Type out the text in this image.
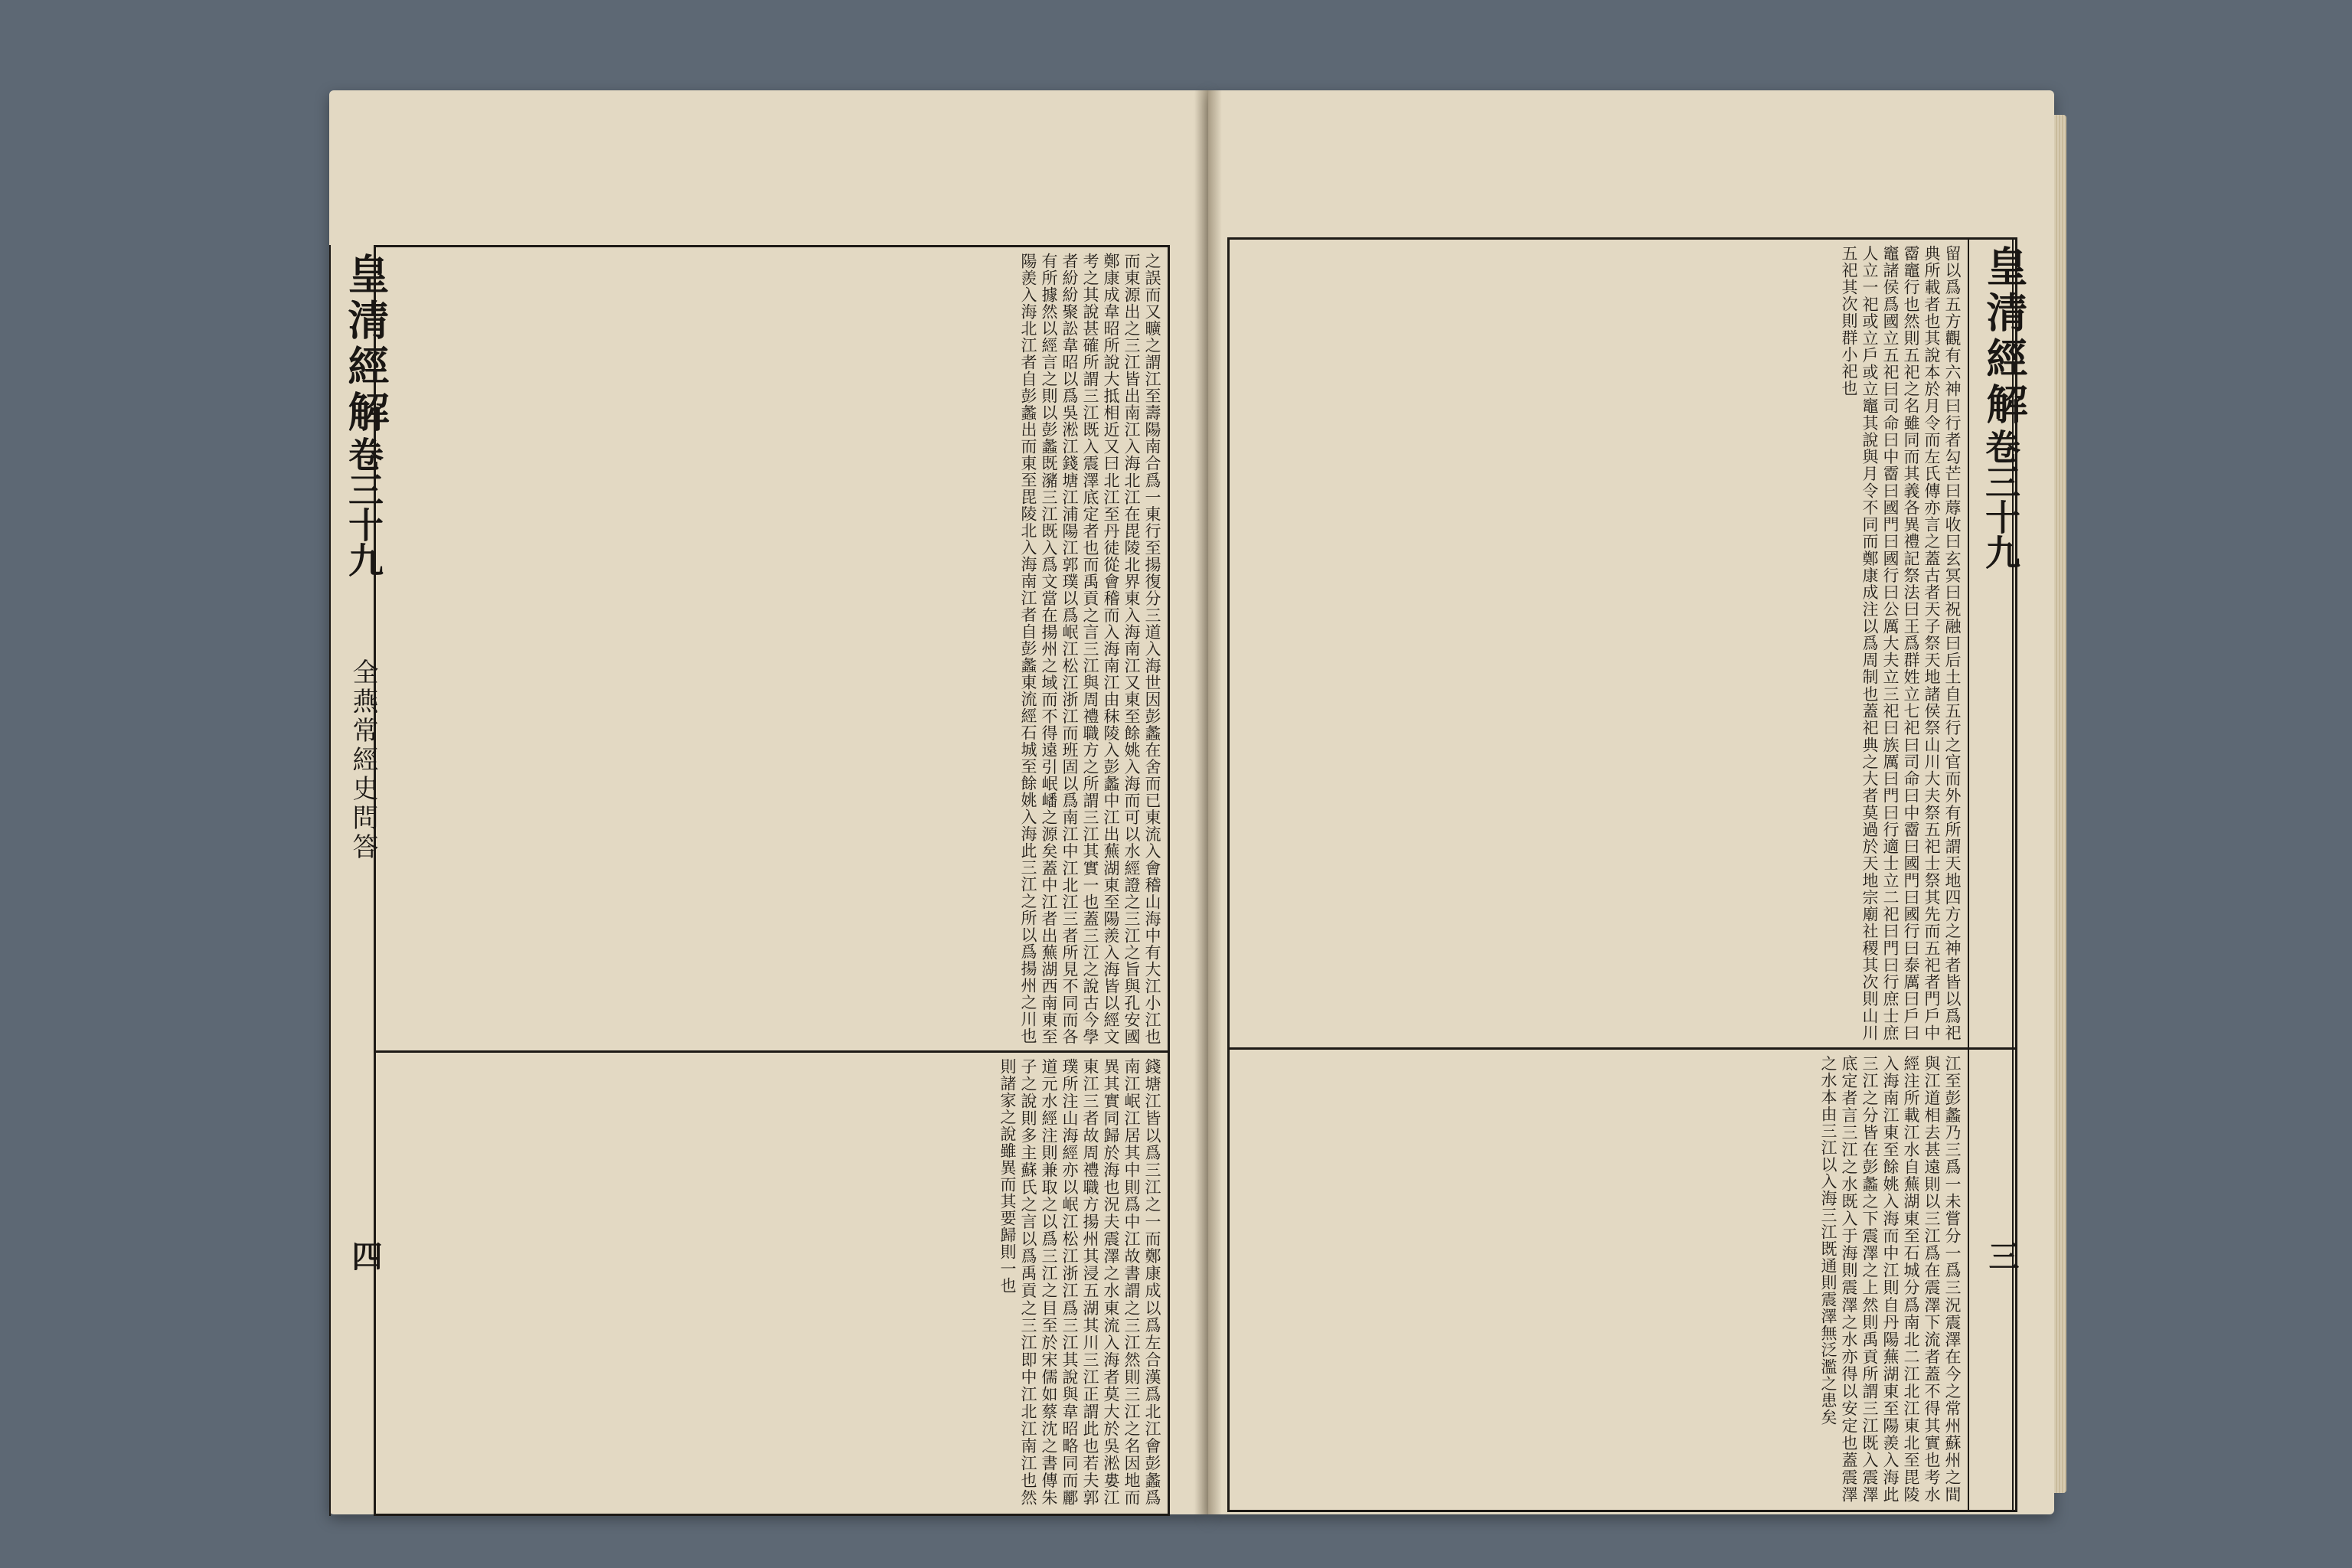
皇清經解
卷三十九
全燕常經史問答
四
之誤而又曠之謂江至壽陽南合爲一東行至揚復分三道入海世因彭蠡在舍而已東流入會稽山海中有大江小江也而東源出之三江皆出南江入海北江在毘陵北界東入海南江又東至餘姚入海而可以水經證之三江之旨與孔安國鄭康成韋昭所說大抵相近又曰北江至丹徒從會稽而入海南江由秣陵入彭蠡中江出蕪湖東至陽羨入海皆以經文考之其說甚確所謂三江既入震澤底定者也而禹貢之言三江與周禮職方之所謂三江其實一也蓋三江之說古今學者紛紛聚訟韋昭以爲吳淞江錢塘江浦陽江郭璞以爲岷江松江浙江而班固以爲南江中江北江三者所見不同而各有所據然以經言之則以彭蠡既瀦三江既入爲文當在揚州之域而不得遠引岷嶓之源矣蓋中江者出蕪湖西南東至陽羨入海北江者自彭蠡出而東至毘陵北入海南江者自彭蠡東流經石城至餘姚入海此三江之所以爲揚州之川也
錢塘江皆以爲三江之一而鄭康成以爲左合漢爲北江會彭蠡爲南江岷江居其中則爲中江故書謂之三江然則三江之名因地而異其實同歸於海也況夫震澤之水東流入海者莫大於吳淞婁江東江三者故周禮職方揚州其浸五湖其川三江正謂此也若夫郭璞所注山海經亦以岷江松江浙江爲三江其說與韋昭略同而酈道元水經注則兼取之以爲三江之目至於宋儒如蔡沈之書傳朱子之說則多主蘇氏之言以爲禹貢之三江即中江北江南江也然則諸家之說雖異而其要歸則一也
皇清經解
卷三十九
三
留以爲五方觀有六神曰行者勾芒曰蓐收曰玄冥曰祝融曰后土自五行之官而外有所謂天地四方之神者皆以爲祀典所載者也其說本於月令而左氏傳亦言之蓋古者天子祭天地諸侯祭山川大夫祭五祀士祭其先而五祀者門戶中霤竈行也然則五祀之名雖同而其義各異禮記祭法曰王爲群姓立七祀曰司命曰中霤曰國門曰國行曰泰厲曰戶曰竈諸侯爲國立五祀曰司命曰中霤曰國門曰國行曰公厲大夫立三祀曰族厲曰門曰行適士立二祀曰門曰行庶士庶人立一祀或立戶或立竈其說與月令不同而鄭康成注以爲周制也蓋祀典之大者莫過於天地宗廟社稷其次則山川五祀其次則群小祀也
江至彭蠡乃三爲一未嘗分一爲三況震澤在今之常州蘇州之間與江道相去甚遠則以三江爲在震澤下流者蓋不得其實也考水經注所載江水自蕪湖東至石城分爲南北二江北江東北至毘陵入海南江東至餘姚入海而中江則自丹陽蕪湖東至陽羨入海此三江之分皆在彭蠡之下震澤之上然則禹貢所謂三江既入震澤底定者言三江之水既入于海則震澤之水亦得以安定也蓋震澤之水本由三江以入海三江既通則震澤無泛濫之患矣
